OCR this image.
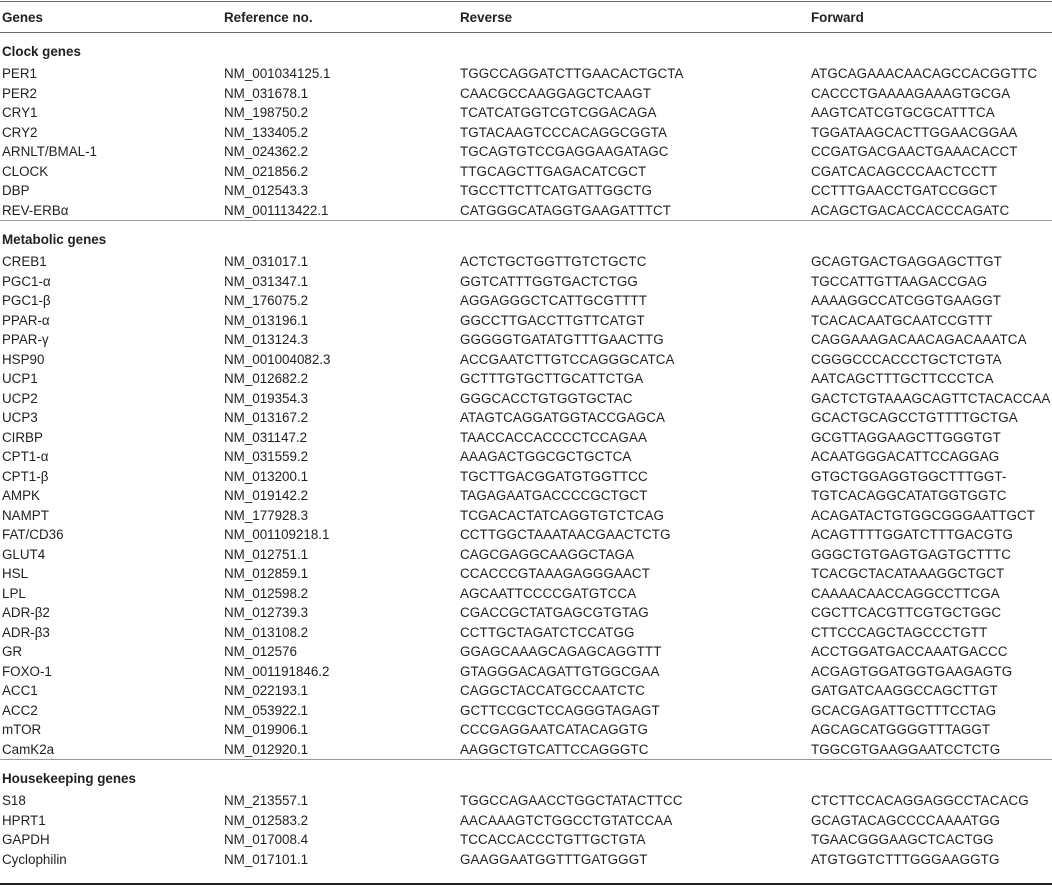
Genes	Reference no.	Reverse	Forward
Clock genes			
PER1	NM_001034125.1	TGGCCAGGATCTTGAACACTGCTA	ATGCAGAAACAACAGCCACGGTTC
PER2	NM_031678.1	CAACGCCAAGGAGCTCAAGT	CACCCTGAAAAGAAAGTGCGA
CRY1	NM_198750.2	TCATCATGGTCGTCGGACAGA	AAGTCATCGTGCGCATTTCA
CRY2	NM_133405.2	TGTACAAGTCCCACAGGCGGTA	TGGATAAGCACTTGGAACGGAA
ARNLT/BMAL-1	NM_024362.2	TGCAGTGTCCGAGGAAGATAGC	CCGATGACGAACTGAAACACCT
CLOCK	NM_021856.2	TTGCAGCTTGAGACATCGCT	CGATCACAGCCCAACTCCTT
DBP	NM_012543.3	TGCCTTCTTCATGATTGGCTG	CCTTTGAACCTGATCCGGCT
REV-ERBα	NM_001113422.1	CATGGGCATAGGTGAAGATTTCT	ACAGCTGACACCACCCAGATC
Metabolic genes			
CREB1	NM_031017.1	ACTCTGCTGGTTGTCTGCTC	GCAGTGACTGAGGAGCTTGT
PGC1-α	NM_031347.1	GGTCATTTGGTGACTCTGG	TGCCATTGTTAAGACCGAG
PGC1-β	NM_176075.2	AGGAGGGCTCATTGCGTTTT	AAAAGGCCATCGGTGAAGGT
PPAR-α	NM_013196.1	GGCCTTGACCTTGTTCATGT	TCACACAATGCAATCCGTTT
PPAR-γ	NM_013124.3	GGGGGTGATATGTTTGAACTTG	CAGGAAAGACAACAGACAAATCA
HSP90	NM_001004082.3	ACCGAATCTTGTCCAGGGCATCA	CGGGCCCACCCTGCTCTGTA
UCP1	NM_012682.2	GCTTTGTGCTTGCATTCTGA	AATCAGCTTTGCTTCCCTCA
UCP2	NM_019354.3	GGGCACCTGTGGTGCTAC	GACTCTGTAAAGCAGTTCTACACCAA
UCP3	NM_013167.2	ATAGTCAGGATGGTACCGAGCA	GCACTGCAGCCTGTTTTGCTGA
CIRBP	NM_031147.2	TAACCACCACCCCTCCAGAA	GCGTTAGGAAGCTTGGGTGT
CPT1-α	NM_031559.2	AAAGACTGGCGCTGCTCA	ACAATGGGACATTCCAGGAG
CPT1-β	NM_013200.1	TGCTTGACGGATGTGGTTCC	GTGCTGGAGGTGGCTTTGGT-
AMPK	NM_019142.2	TAGAGAATGACCCCGCTGCT	TGTCACAGGCATATGGTGGTC
NAMPT	NM_177928.3	TCGACACTATCAGGTGTCTCAG	ACAGATACTGTGGCGGGAATTGCT
FAT/CD36	NM_001109218.1	CCTTGGCTAAATAACGAACTCTG	ACAGTTTTGGATCTTTGACGTG
GLUT4	NM_012751.1	CAGCGAGGCAAGGCTAGA	GGGCTGTGAGTGAGTGCTTTC
HSL	NM_012859.1	CCACCCGTAAAGAGGGAACT	TCACGCTACATAAAGGCTGCT
LPL	NM_012598.2	AGCAATTCCCCGATGTCCA	CAAAACAACCAGGCCTTCGA
ADR-β2	NM_012739.3	CGACCGCTATGAGCGTGTAG	CGCTTCACGTTCGTGCTGGC
ADR-β3	NM_013108.2	CCTTGCTAGATCTCCATGG	CTTCCCAGCTAGCCCTGTT
GR	NM_012576	GGAGCAAAGCAGAGCAGGTTT	ACCTGGATGACCAAATGACCC
FOXO-1	NM_001191846.2	GTAGGGACAGATTGTGGCGAA	ACGAGTGGATGGTGAAGAGTG
ACC1	NM_022193.1	CAGGCTACCATGCCAATCTC	GATGATCAAGGCCAGCTTGT
ACC2	NM_053922.1	GCTTCCGCTCCAGGGTAGAGT	GCACGAGATTGCTTTCCTAG
mTOR	NM_019906.1	CCCGAGGAATCATACAGGTG	AGCAGCATGGGGTTTAGGT
CamK2a	NM_012920.1	AAGGCTGTCATTCCAGGGTC	TGGCGTGAAGGAATCCTCTG
Housekeeping genes			
S18	NM_213557.1	TGGCCAGAACCTGGCTATACTTCC	CTCTTCCACAGGAGGCCTACACG
HPRT1	NM_012583.2	AACAAAGTCTGGCCTGTATCCAA	GCAGTACAGCCCCAAAATGG
GAPDH	NM_017008.4	TCCACCACCCTGTTGCTGTA	TGAACGGGAAGCTCACTGG
Cyclophilin	NM_017101.1	GAAGGAATGGTTTGATGGGT	ATGTGGTCTTTGGGAAGGTG
